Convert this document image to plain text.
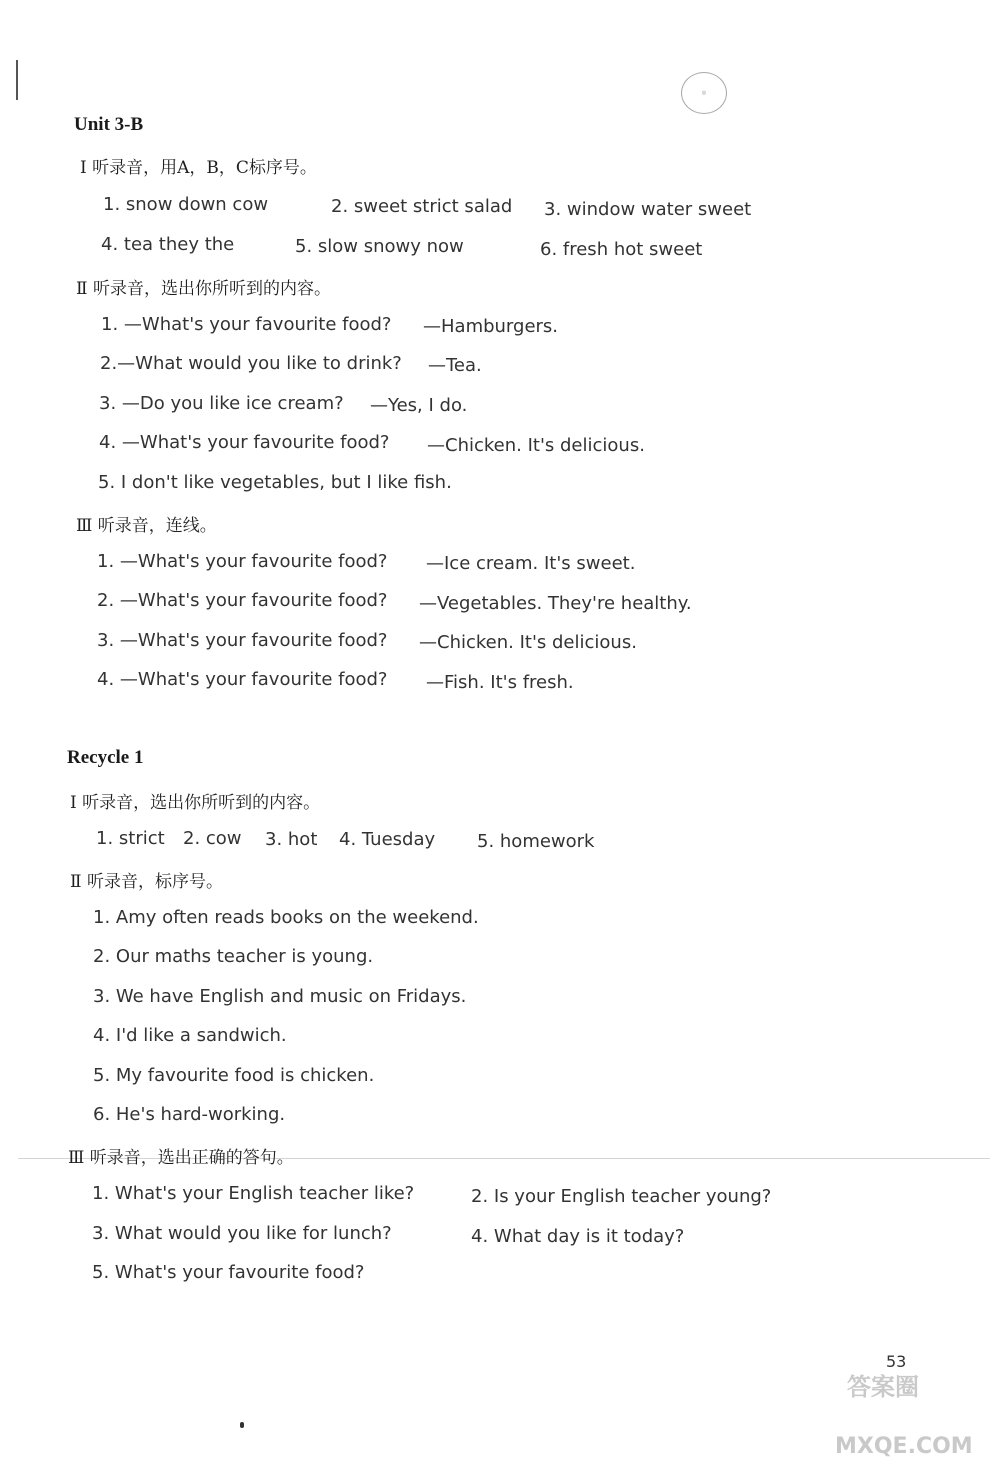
◎
Unit 3-B
Ⅰ 听录音，用A，B，C标序号。
1. snow down cow	2. sweet strict salad 3. window water sweet
4. tea they the	5. slow snowy now	6. fresh hot sweet
Ⅱ 听录音，选出你所听到的内容。
1. —What's your favourite food? —Hamburgers.
2.—What would you like to drink? —Tea.
3. —Do you like ice cream? —Yes, I do.
4. —What's your favourite food? —Chicken. It's delicious.
5. I don't like vegetables, but I like fish.
Ⅲ 听录音，连线。
1. —What's your favourite food? —Ice cream. It's sweet.
2. —What's your favourite food? —Vegetables. They're healthy.
3. —What's your favourite food? —Chicken. It's delicious.
4. —What's your favourite food? —Fish. It's fresh.
Recycle 1
Ⅰ 听录音，选出你所听到的内容。
1. strict 2. cow 3. hot 4. Tuesday 5. homework
Ⅱ 听录音，标序号。
1. Amy often reads books on the weekend.
2. Our maths teacher is young.
3. We have English and music on Fridays.
4. I'd like a sandwich.
5. My favourite food is chicken.
6. He's hard-working.
Ⅲ 听录音，选出正确的答句。
1. What's your English teacher like?	2. Is your English teacher young?
3. What would you like for lunch?	4. What day is it today?
5. What's your favourite food?
53
答案圈
MXQE.COM
